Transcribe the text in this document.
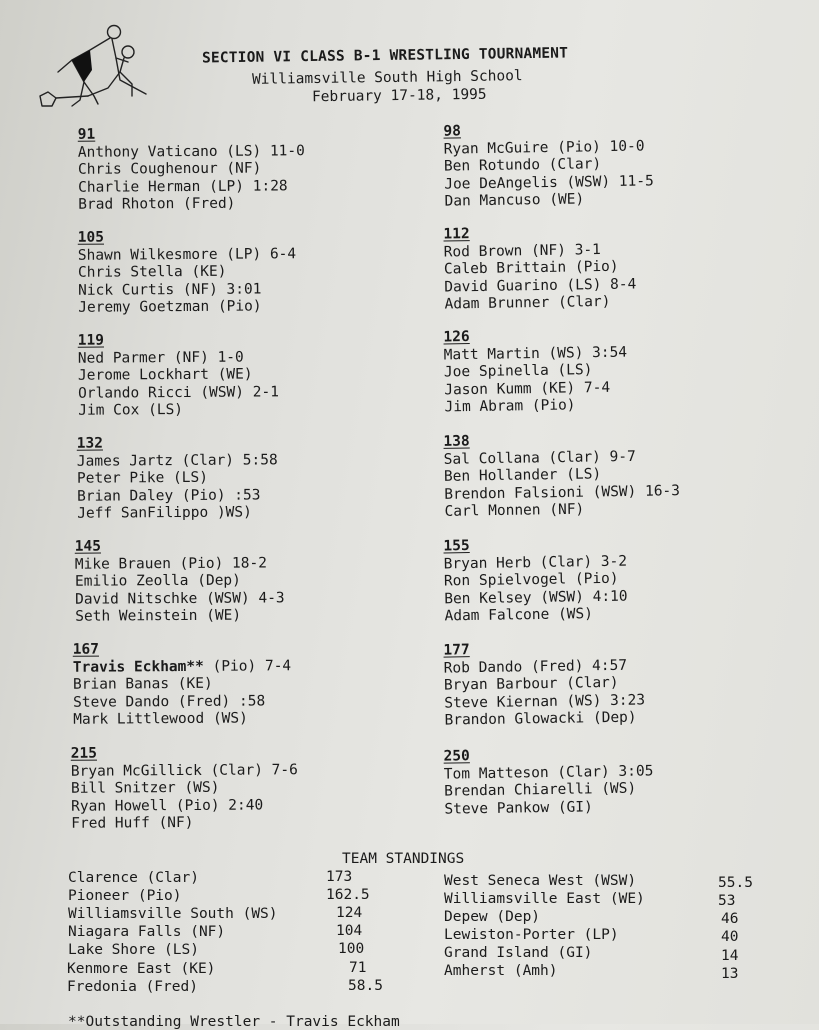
SECTION VI CLASS B-1 WRESTLING TOURNAMENT
Williamsville South High School
February 17-18, 1995
91
Anthony Vaticano (LS) 11-0
Chris Coughenour (NF)
Charlie Herman (LP) 1:28
Brad Rhoton (Fred)
105
Shawn Wilkesmore (LP) 6-4
Chris Stella (KE)
Nick Curtis (NF) 3:01
Jeremy Goetzman (Pio)
119
Ned Parmer (NF) 1-0
Jerome Lockhart (WE)
Orlando Ricci (WSW) 2-1
Jim Cox (LS)
132
James Jartz (Clar) 5:58
Peter Pike (LS)
Brian Daley (Pio) :53
Jeff SanFilippo )WS)
145
Mike Brauen (Pio) 18-2
Emilio Zeolla (Dep)
David Nitschke (WSW) 4-3
Seth Weinstein (WE)
167
Travis Eckham** (Pio) 7-4
Brian Banas (KE)
Steve Dando (Fred) :58
Mark Littlewood (WS)
215
Bryan McGillick (Clar) 7-6
Bill Snitzer (WS)
Ryan Howell (Pio) 2:40
Fred Huff (NF)
98
Ryan McGuire (Pio) 10-0
Ben Rotundo (Clar)
Joe DeAngelis (WSW) 11-5
Dan Mancuso (WE)
112
Rod Brown (NF) 3-1
Caleb Brittain (Pio)
David Guarino (LS) 8-4
Adam Brunner (Clar)
126
Matt Martin (WS) 3:54
Joe Spinella (LS)
Jason Kumm (KE) 7-4
Jim Abram (Pio)
138
Sal Collana (Clar) 9-7
Ben Hollander (LS)
Brendon Falsioni (WSW) 16-3
Carl Monnen (NF)
155
Bryan Herb (Clar) 3-2
Ron Spielvogel (Pio)
Ben Kelsey (WSW) 4:10
Adam Falcone (WS)
177
Rob Dando (Fred) 4:57
Bryan Barbour (Clar)
Steve Kiernan (WS) 3:23
Brandon Glowacki (Dep)
250
Tom Matteson (Clar) 3:05
Brendan Chiarelli (WS)
Steve Pankow (GI)
TEAM STANDINGS
Clarence (Clar)	173
Pioneer (Pio)	162.5
Williamsville South (WS)	124
Niagara Falls (NF)	104
Lake Shore (LS)	100
Kenmore East (KE)	71
Fredonia (Fred)	58.5
West Seneca West (WSW)	55.5
Williamsville East (WE)	53
Depew (Dep)	46
Lewiston-Porter (LP)	40
Grand Island (GI)	14
Amherst (Amh)	13
**Outstanding Wrestler - Travis Eckham
